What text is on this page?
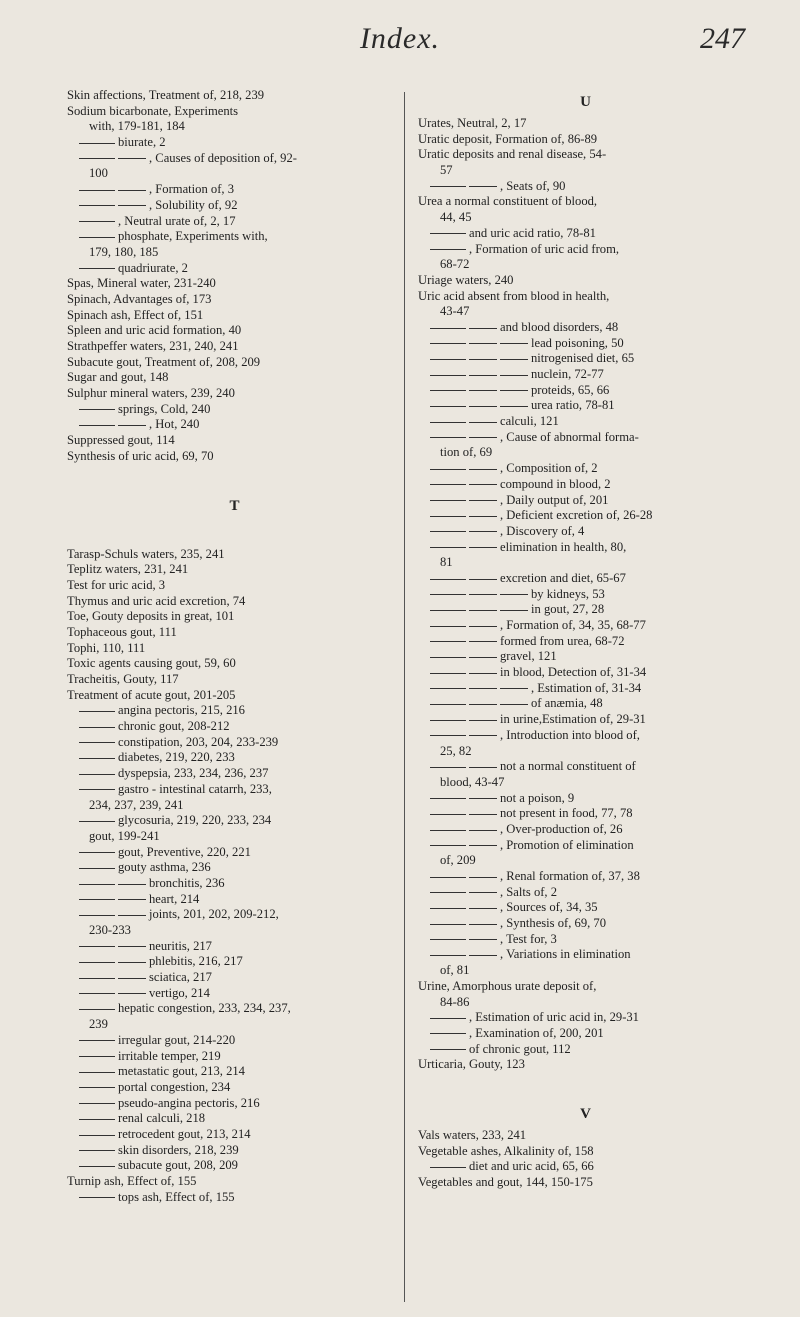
Index.	247
Skin affections, Treatment of, 218, 239
Sodium bicarbonate, Experiments
with, 179-181, 184
biurate, 2
, Causes of deposition of, 92-
100
, Formation of, 3
, Solubility of, 92
, Neutral urate of, 2, 17
phosphate, Experiments with,
179, 180, 185
quadriurate, 2
Spas, Mineral water, 231-240
Spinach, Advantages of, 173
Spinach ash, Effect of, 151
Spleen and uric acid formation, 40
Strathpeffer waters, 231, 240, 241
Subacute gout, Treatment of, 208, 209
Sugar and gout, 148
Sulphur mineral waters, 239, 240
springs, Cold, 240
, Hot, 240
Suppressed gout, 114
Synthesis of uric acid, 69, 70
T
Tarasp-Schuls waters, 235, 241
Teplitz waters, 231, 241
Test for uric acid, 3
Thymus and uric acid excretion, 74
Toe, Gouty deposits in great, 101
Tophaceous gout, 111
Tophi, 110, 111
Toxic agents causing gout, 59, 60
Tracheitis, Gouty, 117
Treatment of acute gout, 201-205
angina pectoris, 215, 216
chronic gout, 208-212
constipation, 203, 204, 233-239
diabetes, 219, 220, 233
dyspepsia, 233, 234, 236, 237
gastro - intestinal catarrh, 233,
234, 237, 239, 241
glycosuria, 219, 220, 233, 234
gout, 199-241
gout, Preventive, 220, 221
gouty asthma, 236
bronchitis, 236
heart, 214
joints, 201, 202, 209-212,
230-233
neuritis, 217
phlebitis, 216, 217
sciatica, 217
vertigo, 214
hepatic congestion, 233, 234, 237,
239
irregular gout, 214-220
irritable temper, 219
metastatic gout, 213, 214
portal congestion, 234
pseudo-angina pectoris, 216
renal calculi, 218
retrocedent gout, 213, 214
skin disorders, 218, 239
subacute gout, 208, 209
Turnip ash, Effect of, 155
tops ash, Effect of, 155
U
Urates, Neutral, 2, 17
Uratic deposit, Formation of, 86-89
Uratic deposits and renal disease, 54-
57
, Seats of, 90
Urea a normal constituent of blood,
44, 45
and uric acid ratio, 78-81
, Formation of uric acid from,
68-72
Uriage waters, 240
Uric acid absent from blood in health,
43-47
and blood disorders, 48
lead poisoning, 50
nitrogenised diet, 65
nuclein, 72-77
proteids, 65, 66
urea ratio, 78-81
calculi, 121
, Cause of abnormal forma-
tion of, 69
, Composition of, 2
compound in blood, 2
, Daily output of, 201
, Deficient excretion of, 26-28
, Discovery of, 4
elimination in health, 80,
81
excretion and diet, 65-67
by kidneys, 53
in gout, 27, 28
, Formation of, 34, 35, 68-77
formed from urea, 68-72
gravel, 121
in blood, Detection of, 31-34
, Estimation of, 31-34
of anæmia, 48
in urine,Estimation of, 29-31
, Introduction into blood of,
25, 82
not a normal constituent of
blood, 43-47
not a poison, 9
not present in food, 77, 78
, Over-production of, 26
, Promotion of elimination
of, 209
, Renal formation of, 37, 38
, Salts of, 2
, Sources of, 34, 35
, Synthesis of, 69, 70
, Test for, 3
, Variations in elimination
of, 81
Urine, Amorphous urate deposit of,
84-86
, Estimation of uric acid in, 29-31
, Examination of, 200, 201
of chronic gout, 112
Urticaria, Gouty, 123
V
Vals waters, 233, 241
Vegetable ashes, Alkalinity of, 158
diet and uric acid, 65, 66
Vegetables and gout, 144, 150-175
